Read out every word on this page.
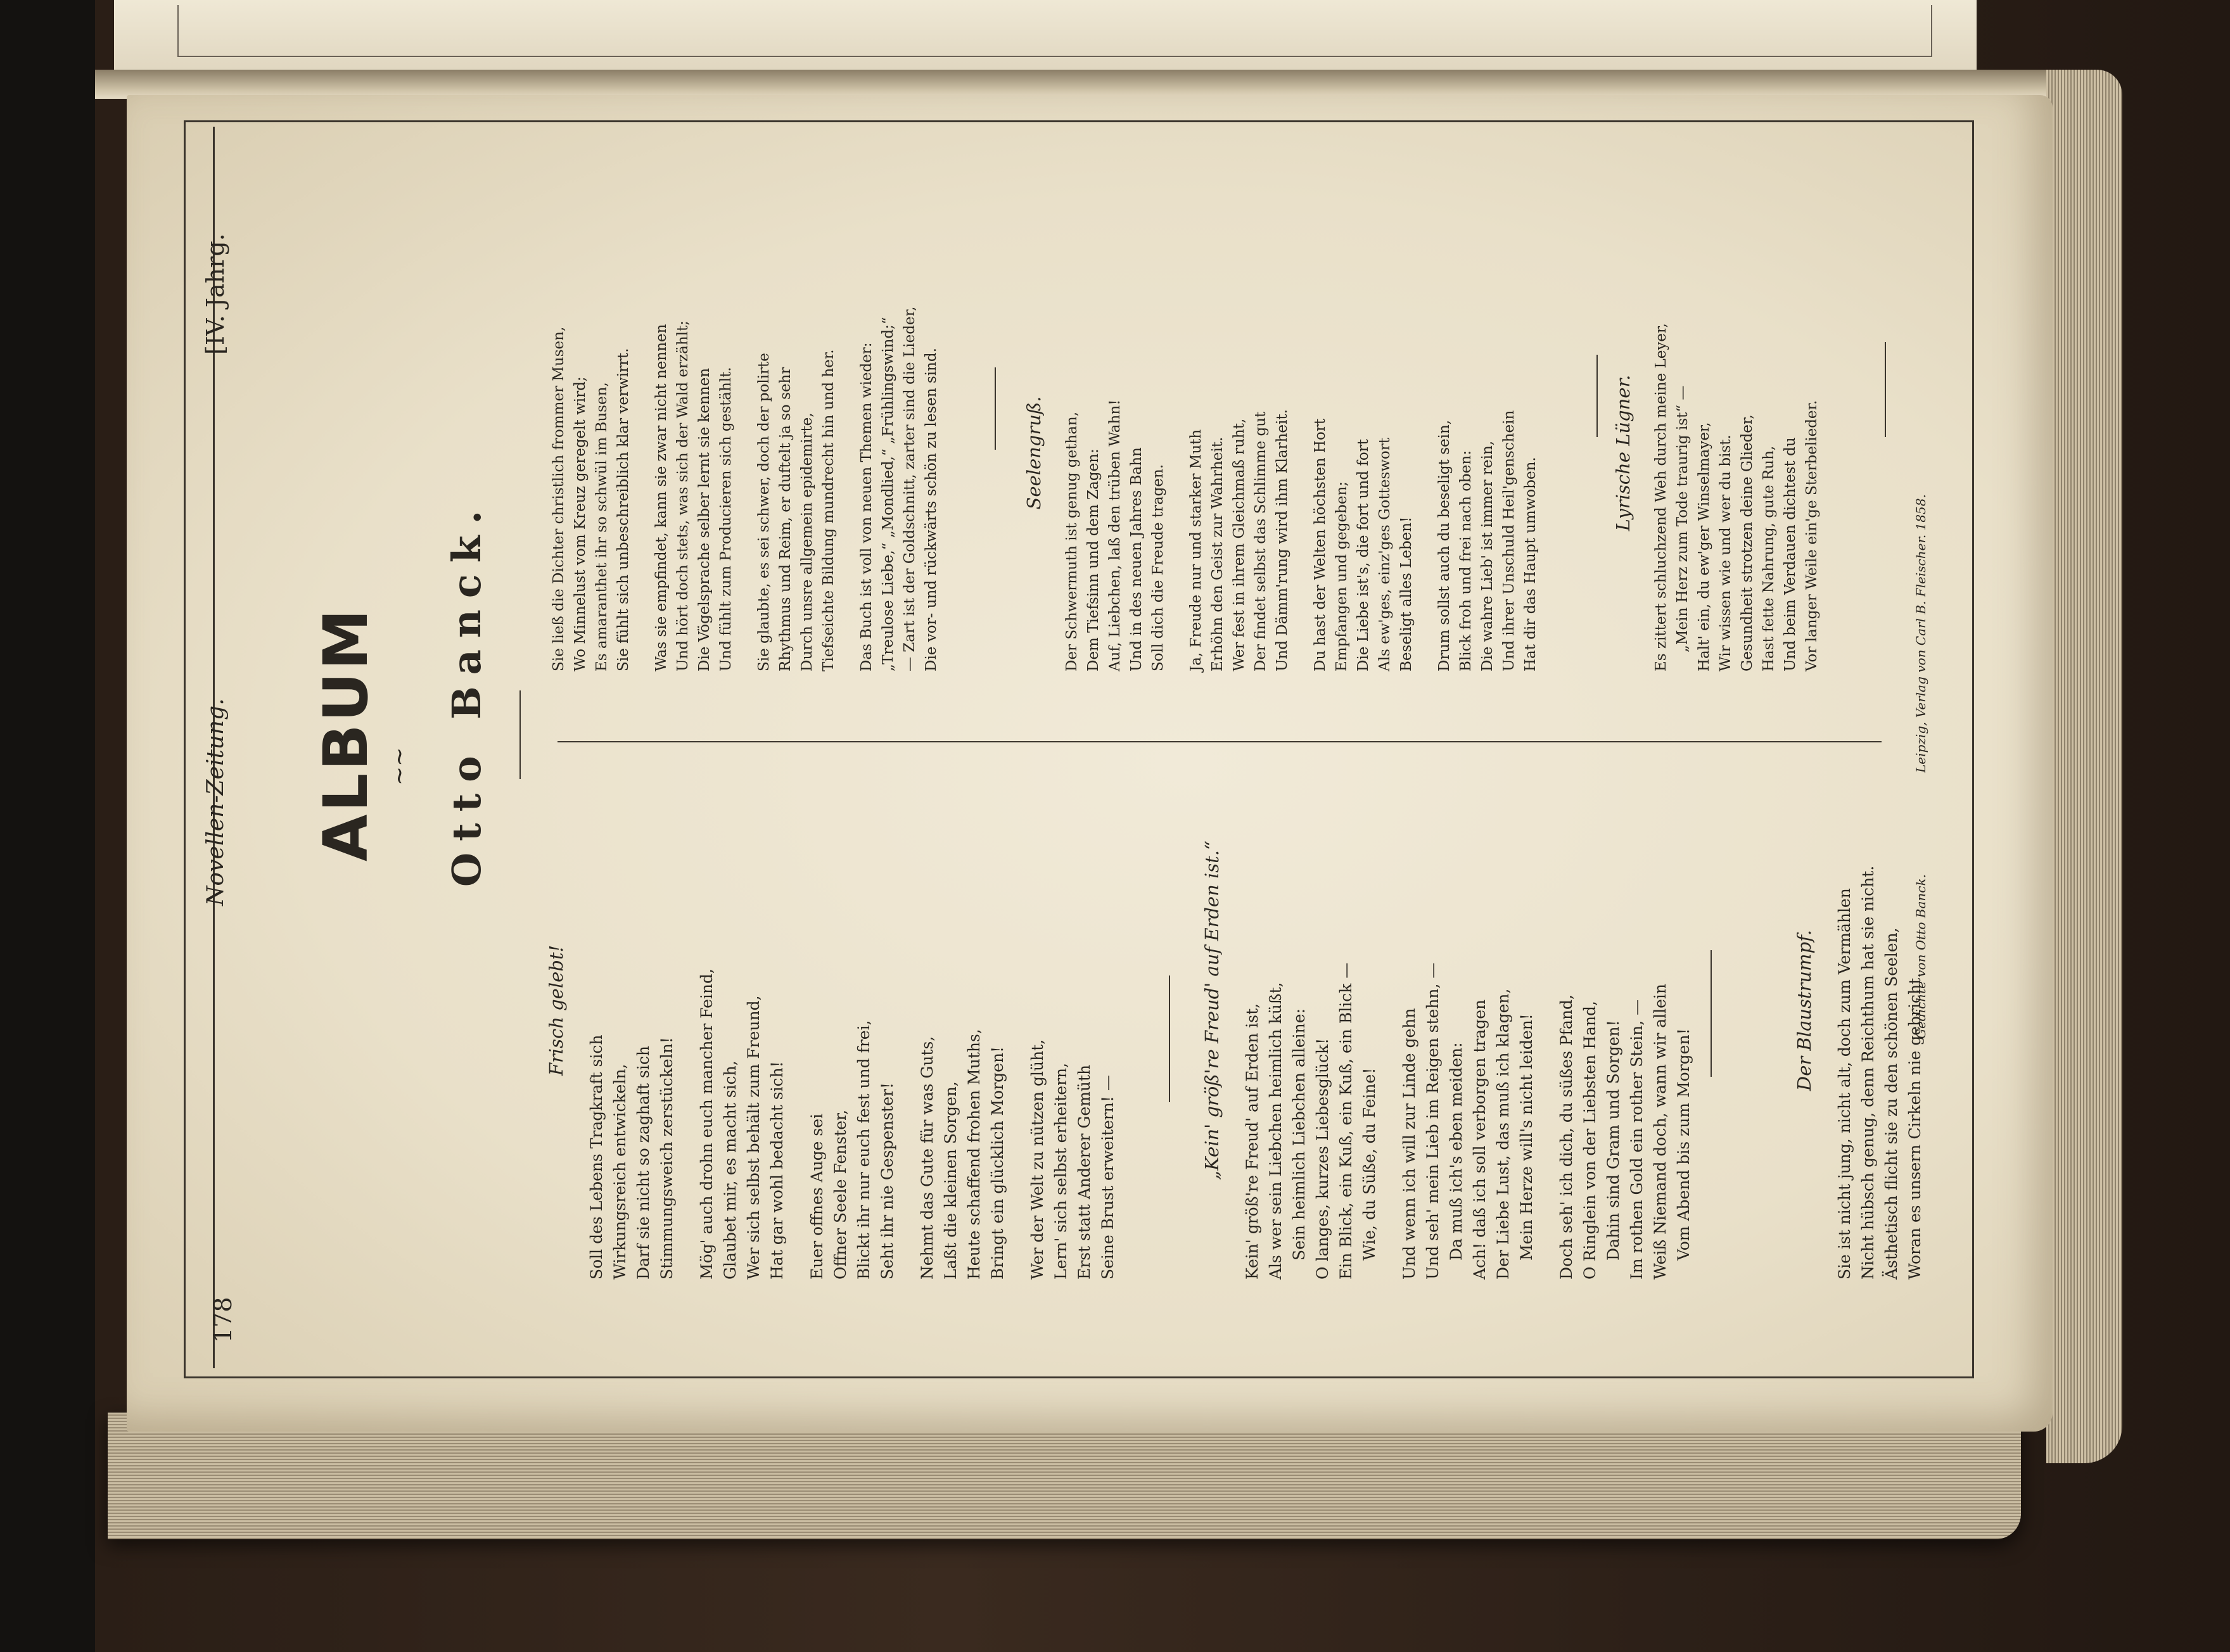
178
Novellen-Zeitung.
[IV. Jahrg.
ALBUM ~~ Otto Banck.
Frisch gelebt!
Soll des Lebens Tragkraft sich Wirkungsreich entwickeln, Darf sie nicht so zaghaft sich Stimmungsweich zerstückeln! Mög' auch drohn euch mancher Feind, Glaubet mir, es macht sich, Wer sich selbst behält zum Freund, Hat gar wohl bedacht sich! Euer offnes Auge sei Offner Seele Fenster, Blickt ihr nur euch fest und frei, Seht ihr nie Gespenster! Nehmt das Gute für was Guts, Laßt die kleinen Sorgen, Heute schaffend frohen Muths, Bringt ein glücklich Morgen! Wer der Welt zu nützen glüht, Lern' sich selbst erheitern, Erst statt Anderer Gemüth Seine Brust erweitern! —	„Kein' größ're Freud' auf Erden ist.“ Kein' größ're Freud' auf Erden ist, Als wer sein Liebchen heimlich küßt, Sein heimlich Liebchen alleine: O langes, kurzes Liebesglück! Ein Blick, ein Kuß, ein Kuß, ein Blick — Wie, du Süße, du Feine! Und wenn ich will zur Linde gehn Und seh' mein Lieb im Reigen stehn, — Da muß ich's eben meiden: Ach! daß ich soll verborgen tragen Der Liebe Lust, das muß ich klagen, Mein Herze will's nicht leiden! Doch seh' ich dich, du süßes Pfand, O Ringlein von der Liebsten Hand, Dahin sind Gram und Sorgen! Im rothen Gold ein rother Stein, — Weiß Niemand doch, wann wir allein Vom Abend bis zum Morgen!
Der Blaustrumpf. Sie ist nicht jung, nicht alt, doch zum Vermählen Nicht hübsch genug, denn Reichthum hat sie nicht. Ästhetisch flicht sie zu den schönen Seelen, Woran es unsern Cirkeln nie gebricht.
Sie ließ die Dichter christlich frommer Musen, Wo Minnelust vom Kreuz geregelt wird; Es amaranthet ihr so schwül im Busen, Sie fühlt sich unbeschreiblich klar verwirrt. Was sie empfindet, kann sie zwar nicht nennen Und hört doch stets, was sich der Wald erzählt; Die Vögelsprache selber lernt sie kennen Und fühlt zum Producieren sich gestählt. Sie glaubte, es sei schwer, doch der polirte Rhythmus und Reim, er duftelt ja so sehr Durch unsre allgemein epidemirte, Tiefseichte Bildung mundrecht hin und her. Das Buch ist voll von neuen Themen wieder: „Treulose Liebe,“ „Mondlied,“ „Frühlingswind;“ — Zart ist der Goldschnitt, zarter sind die Lieder, Die vor- und rückwärts schön zu lesen sind.	Seelengruß. Der Schwermuth ist genug gethan, Dem Tiefsinn und dem Zagen: Auf, Liebchen, laß den trüben Wahn! Und in des neuen Jahres Bahn Soll dich die Freude tragen. Ja, Freude nur und starker Muth Erhöhn den Geist zur Wahrheit. Wer fest in ihrem Gleichmaß ruht, Der findet selbst das Schlimme gut Und Dämm'rung wird ihm Klarheit. Du hast der Welten höchsten Hort Empfangen und gegeben; Die Liebe ist's, die fort und fort Als ew'ges, einz'ges Gotteswort Beseligt alles Leben! Drum sollst auch du beseligt sein, Blick froh und frei nach oben: Die wahre Lieb' ist immer rein, Und ihrer Unschuld Heil'genschein Hat dir das Haupt umwoben.
Lyrische Lügner. Es zittert schluchzend Weh durch meine Leyer, „Mein Herz zum Tode traurig ist“ — Halt' ein, du ew'ger Winselmayer, Wir wissen wie und wer du bist. Gesundheit strotzen deine Glieder, Hast fette Nahrung, gute Ruh, Und beim Verdauen dichtest du Vor langer Weile ein'ge Sterbelieder.
Gedichte von Otto Banck.
Leipzig, Verlag von Carl B. Fleischer. 1858.
